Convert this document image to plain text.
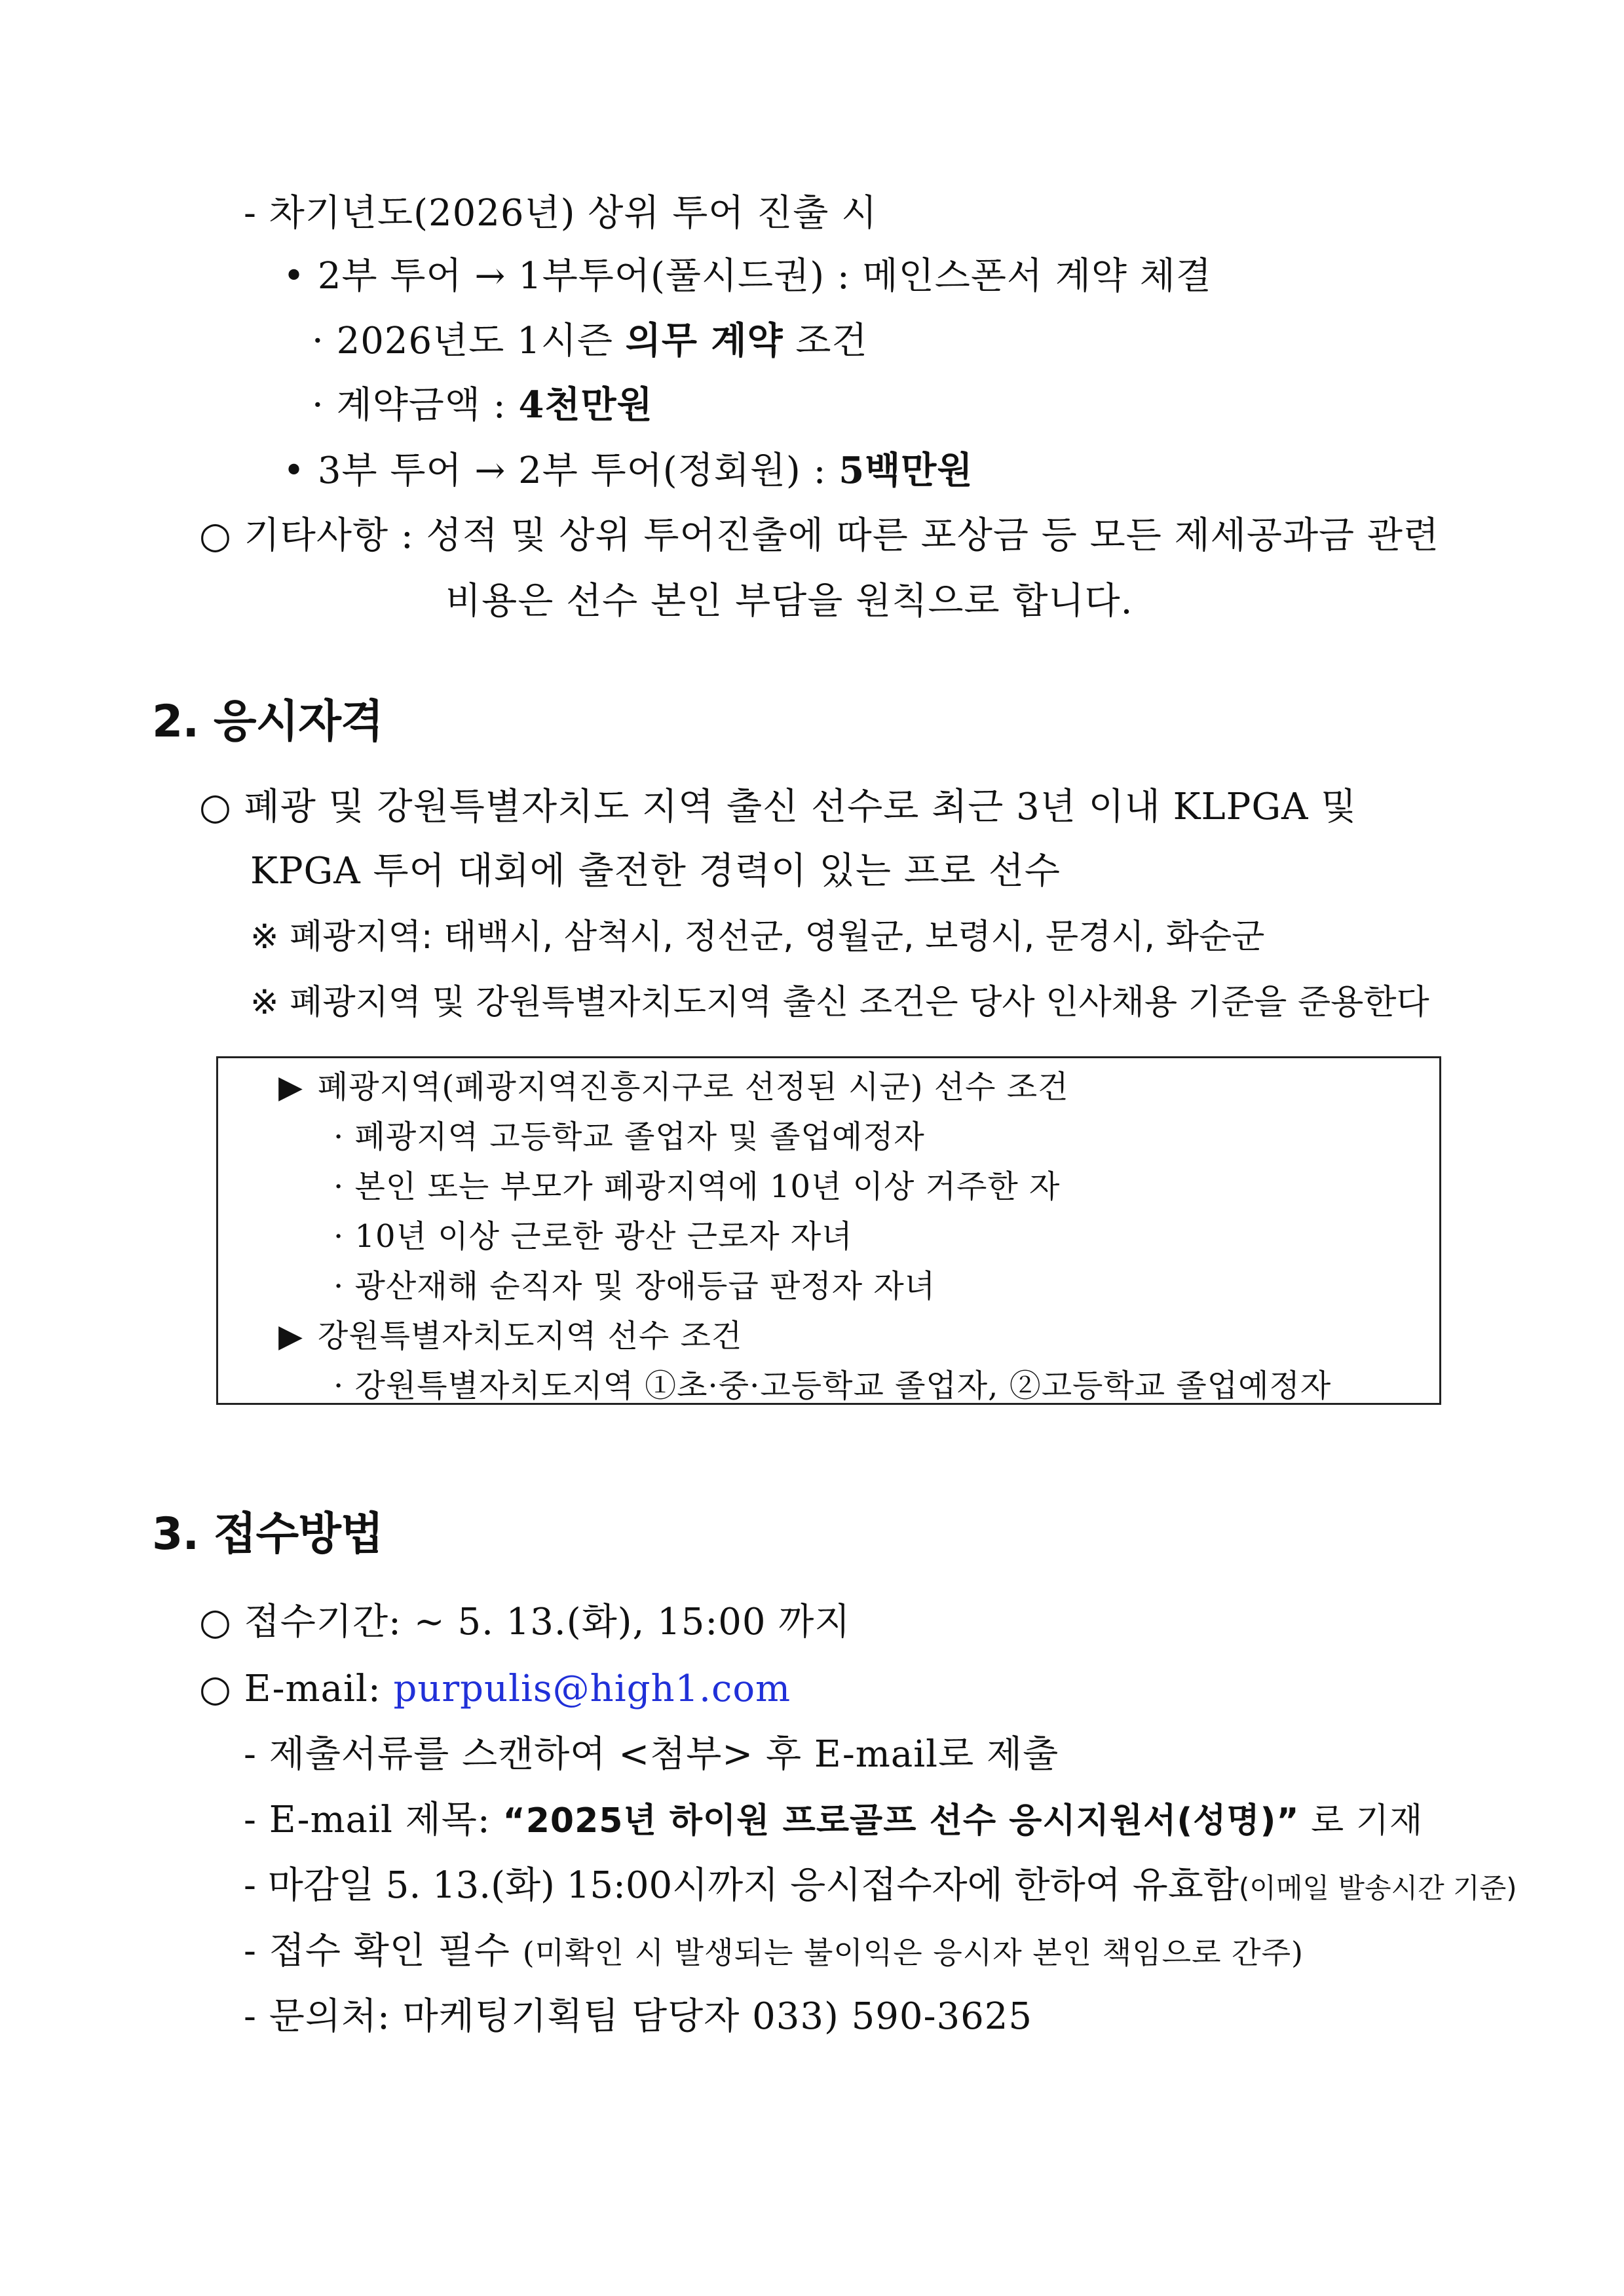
- 차기년도(2026년) 상위 투어 진출 시
• 2부 투어 → 1부투어(풀시드권) : 메인스폰서 계약 체결
· 2026년도 1시즌 의무 계약 조건
· 계약금액 : 4천만원
• 3부 투어 → 2부 투어(정회원) : 5백만원
○ 기타사항 : 성적 및 상위 투어진출에 따른 포상금 등 모든 제세공과금 관련
비용은 선수 본인 부담을 원칙으로 합니다.
2. 응시자격
○ 폐광 및 강원특별자치도 지역 출신 선수로 최근 3년 이내 KLPGA 및
KPGA 투어 대회에 출전한 경력이 있는 프로 선수
※ 폐광지역: 태백시, 삼척시, 정선군, 영월군, 보령시, 문경시, 화순군
※ 폐광지역 및 강원특별자치도지역 출신 조건은 당사 인사채용 기준을 준용한다
▶ 폐광지역(폐광지역진흥지구로 선정된 시군) 선수 조건
· 폐광지역 고등학교 졸업자 및 졸업예정자
· 본인 또는 부모가 폐광지역에 10년 이상 거주한 자
· 10년 이상 근로한 광산 근로자 자녀
· 광산재해 순직자 및 장애등급 판정자 자녀
▶ 강원특별자치도지역 선수 조건
· 강원특별자치도지역 ①초·중·고등학교 졸업자, ②고등학교 졸업예정자
3. 접수방법
○ 접수기간: ~ 5. 13.(화), 15:00 까지
○ E-mail: purpulis@high1.com
- 제출서류를 스캔하여 <첨부> 후 E-mail로 제출
- E-mail 제목: “2025년 하이원 프로골프 선수 응시지원서(성명)” 로 기재
- 마감일 5. 13.(화) 15:00시까지 응시접수자에 한하여 유효함(이메일 발송시간 기준)
- 접수 확인 필수 (미확인 시 발생되는 불이익은 응시자 본인 책임으로 간주)
- 문의처: 마케팅기획팀 담당자 033) 590-3625
